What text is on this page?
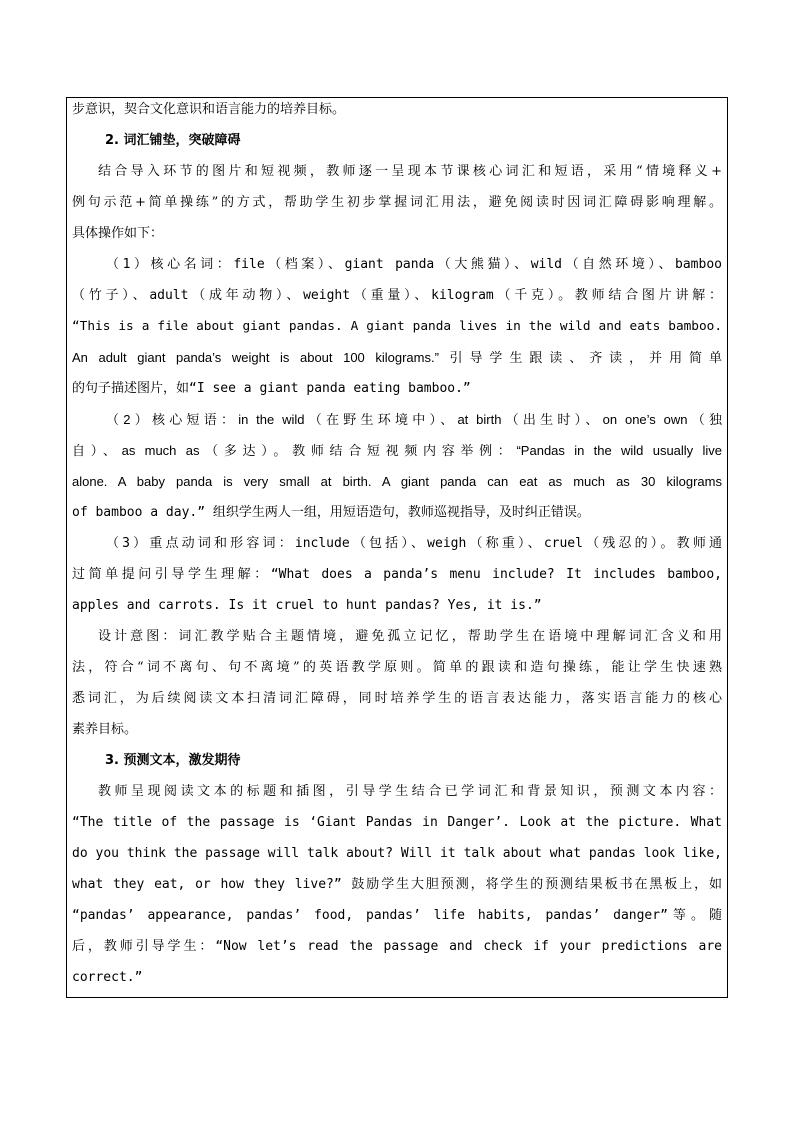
步意识，契合文化意识和语言能力的培养目标。
2. 词汇铺垫，突破障碍
结合导入环节的图片和短视频，教师逐一呈现本节课核心词汇和短语，采用“情境释义+
例句示范+简单操练”的方式，帮助学生初步掌握词汇用法，避免阅读时因词汇障碍影响理解。
具体操作如下：
（1）核心名词：file（档案）、giant panda（大熊猫）、wild（自然环境）、bamboo
（竹子）、adult（成年动物）、weight（重量）、kilogram（千克）。教师结合图片讲解：
“This is a file about giant pandas. A giant panda lives in the wild and eats bamboo.
An adult giant panda’s weight is about 100 kilograms.” 引导学生跟读、齐读，并用简单
的句子描述图片，如“I see a giant panda eating bamboo.”
（2）核心短语：in the wild（在野生环境中）、at birth（出生时）、on one’s own（独
自）、as much as（多达）。教师结合短视频内容举例：“Pandas in the wild usually live
alone. A baby panda is very small at birth. A giant panda can eat as much as 30 kilograms
of bamboo a day.” 组织学生两人一组，用短语造句，教师巡视指导，及时纠正错误。
（3）重点动词和形容词：include（包括）、weigh（称重）、cruel（残忍的）。教师通
过简单提问引导学生理解：“What does a panda’s menu include? It includes bamboo,
apples and carrots. Is it cruel to hunt pandas? Yes, it is.”
设计意图：词汇教学贴合主题情境，避免孤立记忆，帮助学生在语境中理解词汇含义和用
法，符合“词不离句、句不离境”的英语教学原则。简单的跟读和造句操练，能让学生快速熟
悉词汇，为后续阅读文本扫清词汇障碍，同时培养学生的语言表达能力，落实语言能力的核心
素养目标。
3. 预测文本，激发期待
教师呈现阅读文本的标题和插图，引导学生结合已学词汇和背景知识，预测文本内容：
“The title of the passage is ‘Giant Pandas in Danger’. Look at the picture. What
do you think the passage will talk about? Will it talk about what pandas look like,
what they eat, or how they live?” 鼓励学生大胆预测，将学生的预测结果板书在黑板上，如
“pandas’ appearance, pandas’ food, pandas’ life habits, pandas’ danger”等。随
后，教师引导学生：“Now let’s read the passage and check if your predictions are
correct.”
